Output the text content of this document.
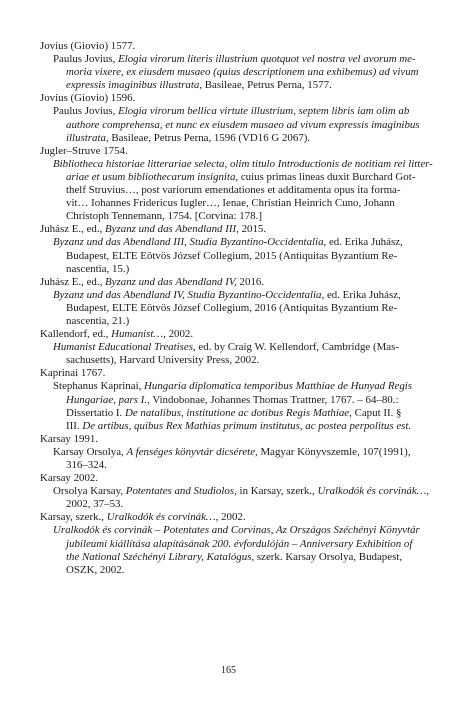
Jovius (Giovio) 1577.

Paulus Jovius, Elogia virorum literis illustrium quotquot vel nostra vel avorum me-
moria vixere, ex eiusdem musaeo (quius descriptionem una exhibemus) ad vivum
expressis imaginibus illustrata, Basileae, Petrus Perna, 1577.

Jovius (Giovio) 1596.

Paulus Jovius, Elogia virorum bellica virtute illustrium, septem libris iam olim ab
authore comprehensa, et nunc ex eiusdem musaeo ad vivum expressis imaginibus
illustrata, Basileae, Petrus Perna, 1596 (VD16 G 2067).

Jugler–Struve 1754.

Bibliotheca historiae litterariae selecta, olim titulo Introductionis de notitiam rei litter-
ariae et usum bibliothecarum insignita, cuius primas lineas duxit Burchard Got-
thelf Struvius…, post variorum emendationes et additamenta opus ita forma-
vit… Iohannes Fridericus Iugler…, Ienae, Christian Heinrich Cuno, Johann
Christoph Tennemann, 1754. [Corvina: 178.]

Juhász E., ed., Byzanz und das Abendland III, 2015.

Byzanz und das Abendland III, Studia Byzantino-Occidentalia, ed. Erika Juhász,
Budapest, ELTE Eötvös József Collegium, 2015 (Antiquitas Byzantium Re-
nascentia, 15.)

Juhász E., ed., Byzanz und das Abendland IV, 2016.

Byzanz und das Abendland IV, Studia Byzantino-Occidentalia, ed. Erika Juhász,
Budapest, ELTE Eötvös József Collegium, 2016 (Antiquitas Byzantium Re-
nascentia, 21.)

Kallendorf, ed., Humanist…, 2002.

Humanist Educational Treatises, ed. by Craig W. Kellendorf, Cambridge (Mas-
sachusetts), Harvard University Press, 2002.

Kaprinai 1767.

Stephanus Kaprinai, Hungaria diplomatica temporibus Matthiae de Hunyad Regis
Hungariae, pars I., Vindobonae, Johannes Thomas Trattner, 1767. – 64–80.:
Dissertatio I. De natalibus, institutione ac dotibus Regis Mathiae, Caput II. §
III. De artibus, quibus Rex Mathias primum institutus, ac postea perpolitus est.

Karsay 1991.

Karsay Orsolya, A fenséges könyvtár dicsérete, Magyar Könyvszemle, 107(1991),
316–324.

Karsay 2002.

Orsolya Karsay, Potentates and Studiolos, in Karsay, szerk., Uralkodók és corvinák…,
2002, 37–53.

Karsay, szerk., Uralkodók és corvinák…, 2002.

Uralkodók és corvinák – Potentates and Corvinas, Az Országos Széchényi Könyvtár
jubileumi kiállítása alapításának 200. évfordulóján – Anniversary Exhibition of
the National Széchényi Library, Katalógus, szerk. Karsay Orsolya, Budapest,
OSZK, 2002.

165
